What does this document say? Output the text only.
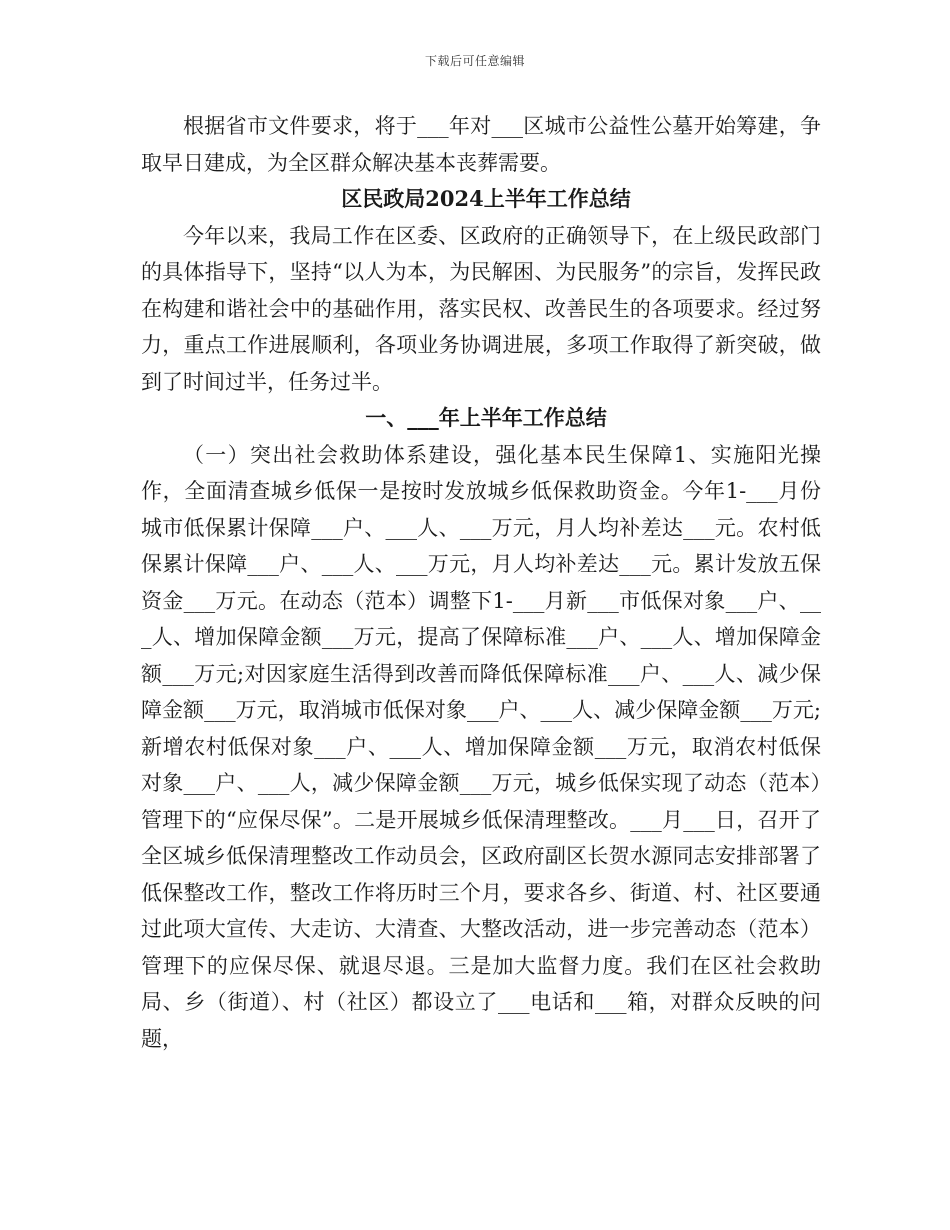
下载后可任意编辑

根据省市文件要求，将于___年对___区城市公益性公墓开始筹建，争取早日建成，为全区群众解决基本丧葬需要。

区民政局2024上半年工作总结

今年以来，我局工作在区委、区政府的正确领导下，在上级民政部门的具体指导下，坚持“以人为本，为民解困、为民服务”的宗旨，发挥民政在构建和谐社会中的基础作用，落实民权、改善民生的各项要求。经过努力，重点工作进展顺利，各项业务协调进展，多项工作取得了新突破，做到了时间过半，任务过半。

一、___年上半年工作总结

（一）突出社会救助体系建设，强化基本民生保障1、实施阳光操作，全面清查城乡低保一是按时发放城乡低保救助资金。今年1-___月份城市低保累计保障___户、___人、___万元，月人均补差达___元。农村低保累计保障___户、___人、___万元，月人均补差达___元。累计发放五保资金___万元。在动态（范本）调整下1-___月新___市低保对象___户、___人、增加保障金额___万元，提高了保障标准___户、___人、增加保障金额___万元;对因家庭生活得到改善而降低保障标准___户、___人、减少保障金额___万元，取消城市低保对象___户、___人、减少保障金额___万元;新增农村低保对象___户、___人、增加保障金额___万元，取消农村低保对象___户、___人，减少保障金额___万元，城乡低保实现了动态（范本）管理下的“应保尽保”。二是开展城乡低保清理整改。___月___日，召开了全区城乡低保清理整改工作动员会，区政府副区长贺水源同志安排部署了低保整改工作，整改工作将历时三个月，要求各乡、街道、村、社区要通过此项大宣传、大走访、大清查、大整改活动，进一步完善动态（范本）管理下的应保尽保、就退尽退。三是加大监督力度。我们在区社会救助局、乡（街道）、村（社区）都设立了___电话和___箱，对群众反映的问题，
